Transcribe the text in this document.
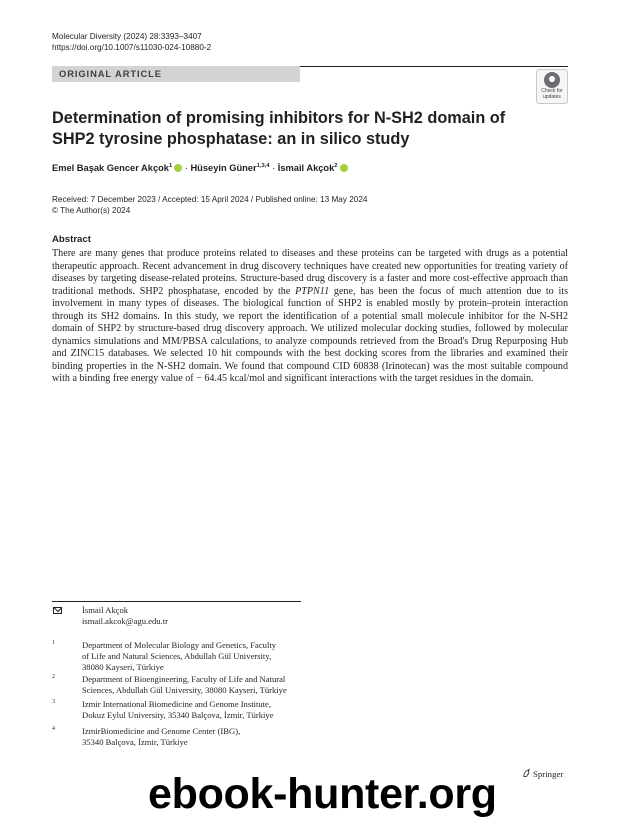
Molecular Diversity (2024) 28:3393–3407
https://doi.org/10.1007/s11030-024-10880-2
ORIGINAL ARTICLE
Check for
updates
Determination of promising inhibitors for N-SH2 domain of SHP2 tyrosine phosphatase: an in silico study
Emel Başak Gencer Akçok$^1$ · Hüseyin Güner$^{1,3,4}$ · İsmail Akçok$^2$
Received: 7 December 2023 / Accepted: 15 April 2024 / Published online: 13 May 2024
© The Author(s) 2024
Abstract

There are many genes that produce proteins related to diseases and these proteins can be targeted with drugs as a potential therapeutic approach. Recent advancement in drug discovery techniques have created new opportunities for treating variety of diseases by targeting disease-related proteins. Structure-based drug discovery is a faster and more cost-effective approach than traditional methods. SHP2 phosphatase, encoded by the PTPN11 gene, has been the focus of much attention due to its involvement in many types of diseases. The biological function of SHP2 is enabled mostly by protein–protein interaction through its SH2 domains. In this study, we report the identification of a potential small molecule inhibitor for the N-SH2 domain of SHP2 by structure-based drug discovery approach. We utilized molecular docking studies, followed by molecular dynamics simulations and MM/PBSA calculations, to analyze compounds retrieved from the Broad's Drug Repurposing Hub and ZINC15 databases. We selected 10 hit compounds with the best docking scores from the libraries and examined their binding properties in the N-SH2 domain. We found that compound CID 60838 (Irinotecan) was the most suitable compound with a binding free energy value of − 64.45 kcal/mol and significant interactions with the target residues in the domain.

İsmail Akçok
ismail.akcok@agu.edu.tr
1	Department of Molecular Biology and Genetics, Faculty
of Life and Natural Sciences, Abdullah Gül University,
38080 Kayseri, Türkiye
2	Department of Bioengineering, Faculty of Life and Natural
Sciences, Abdullah Gül University, 38080 Kayseri, Türkiye
3	Izmir International Biomedicine and Genome Institute,
Dokuz Eylul University, 35340 Balçova, İzmir, Türkiye
4	IzmirBiomedicine and Genome Center (IBG),
35340 Balçova, İzmir, Türkiye
ebook-hunter.org	Springer
